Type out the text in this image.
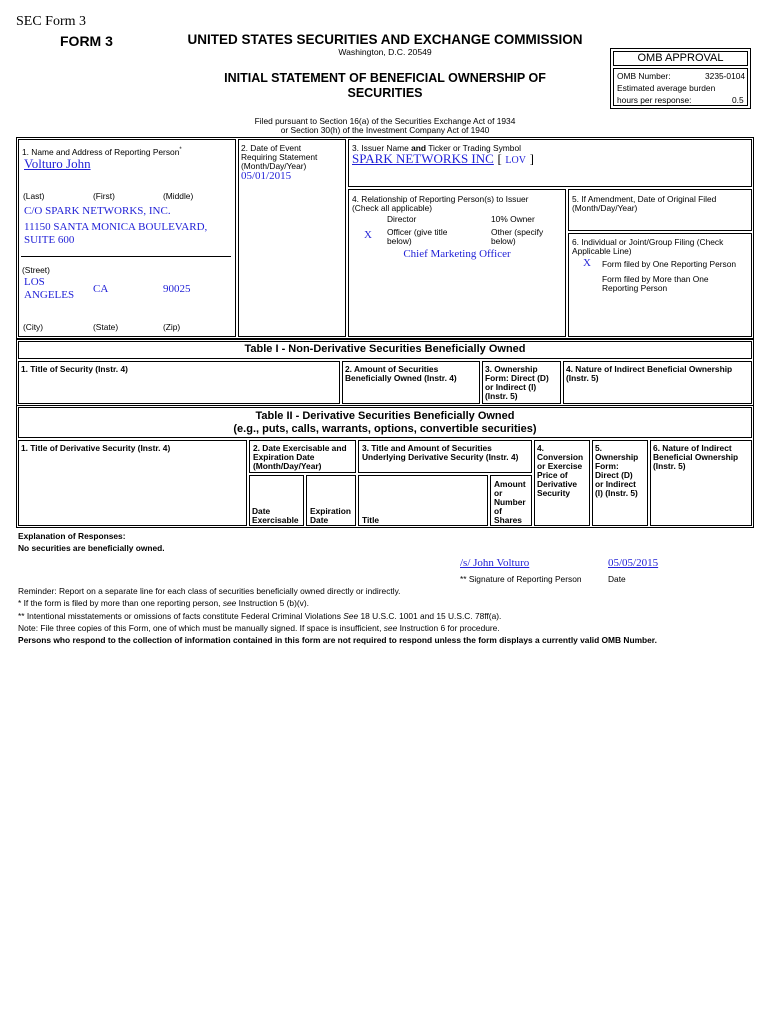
SEC Form 3
FORM 3	UNITED STATES SECURITIES AND EXCHANGE COMMISSION
Washington, D.C. 20549
INITIAL STATEMENT OF BENEFICIAL OWNERSHIP OF
SECURITIES
OMB APPROVAL
OMB Number:	3235-0104
Estimated average burden
hours per response:	0.5
Filed pursuant to Section 16(a) of the Securities Exchange Act of 1934
or Section 30(h) of the Investment Company Act of 1940
1. Name and Address of Reporting Person*
Volturo John
(Last)	(First)	(Middle)
C/O SPARK NETWORKS, INC.
11150 SANTA MONICA BOULEVARD,
SUITE 600
(Street)
LOS
ANGELES CA	90025
(City)	(State)	(Zip)
2. Date of Event
Requiring Statement
(Month/Day/Year)
05/01/2015
3. Issuer Name and Ticker or Trading Symbol
SPARK NETWORKS INC [ LOV ]
4. Relationship of Reporting Person(s) to Issuer
(Check all applicable)
Director	10% Owner
X Officer (give title
below)
Other (specify
below)
Chief Marketing Officer
5. If Amendment, Date of Original Filed
(Month/Day/Year)
6. Individual or Joint/Group Filing (Check
Applicable Line)
X Form filed by One Reporting Person
Form filed by More than One
Reporting Person
Table I - Non-Derivative Securities Beneficially Owned
1. Title of Security (Instr. 4)	2. Amount of Securities
Beneficially Owned (Instr. 4)
3. Ownership
Form: Direct (D)
or Indirect (I)
(Instr. 5)
4. Nature of Indirect Beneficial Ownership
(Instr. 5)
Table II - Derivative Securities Beneficially Owned
(e.g., puts, calls, warrants, options, convertible securities)
1. Title of Derivative Security (Instr. 4)	2. Date Exercisable and
Expiration Date
(Month/Day/Year)
3. Title and Amount of Securities
Underlying Derivative Security (Instr. 4)
4.
Conversion
or Exercise
Price of
Derivative
Security
5.
Ownership
Form:
Direct (D)
or Indirect
(I) (Instr. 5)
6. Nature of Indirect
Beneficial Ownership
(Instr. 5)
Date
Exercisable
Expiration
Date	Title
Amount
or
Number
of
Shares
Explanation of Responses:
No securities are beneficially owned.
/s/ John Volturo	05/05/2015
** Signature of Reporting Person	Date
Reminder: Report on a separate line for each class of securities beneficially owned directly or indirectly.
* If the form is filed by more than one reporting person, see Instruction 5 (b)(v).
** Intentional misstatements or omissions of facts constitute Federal Criminal Violations See 18 U.S.C. 1001 and 15 U.S.C. 78ff(a).
Note: File three copies of this Form, one of which must be manually signed. If space is insufficient, see Instruction 6 for procedure.
Persons who respond to the collection of information contained in this form are not required to respond unless the form displays a currently valid OMB Number.
